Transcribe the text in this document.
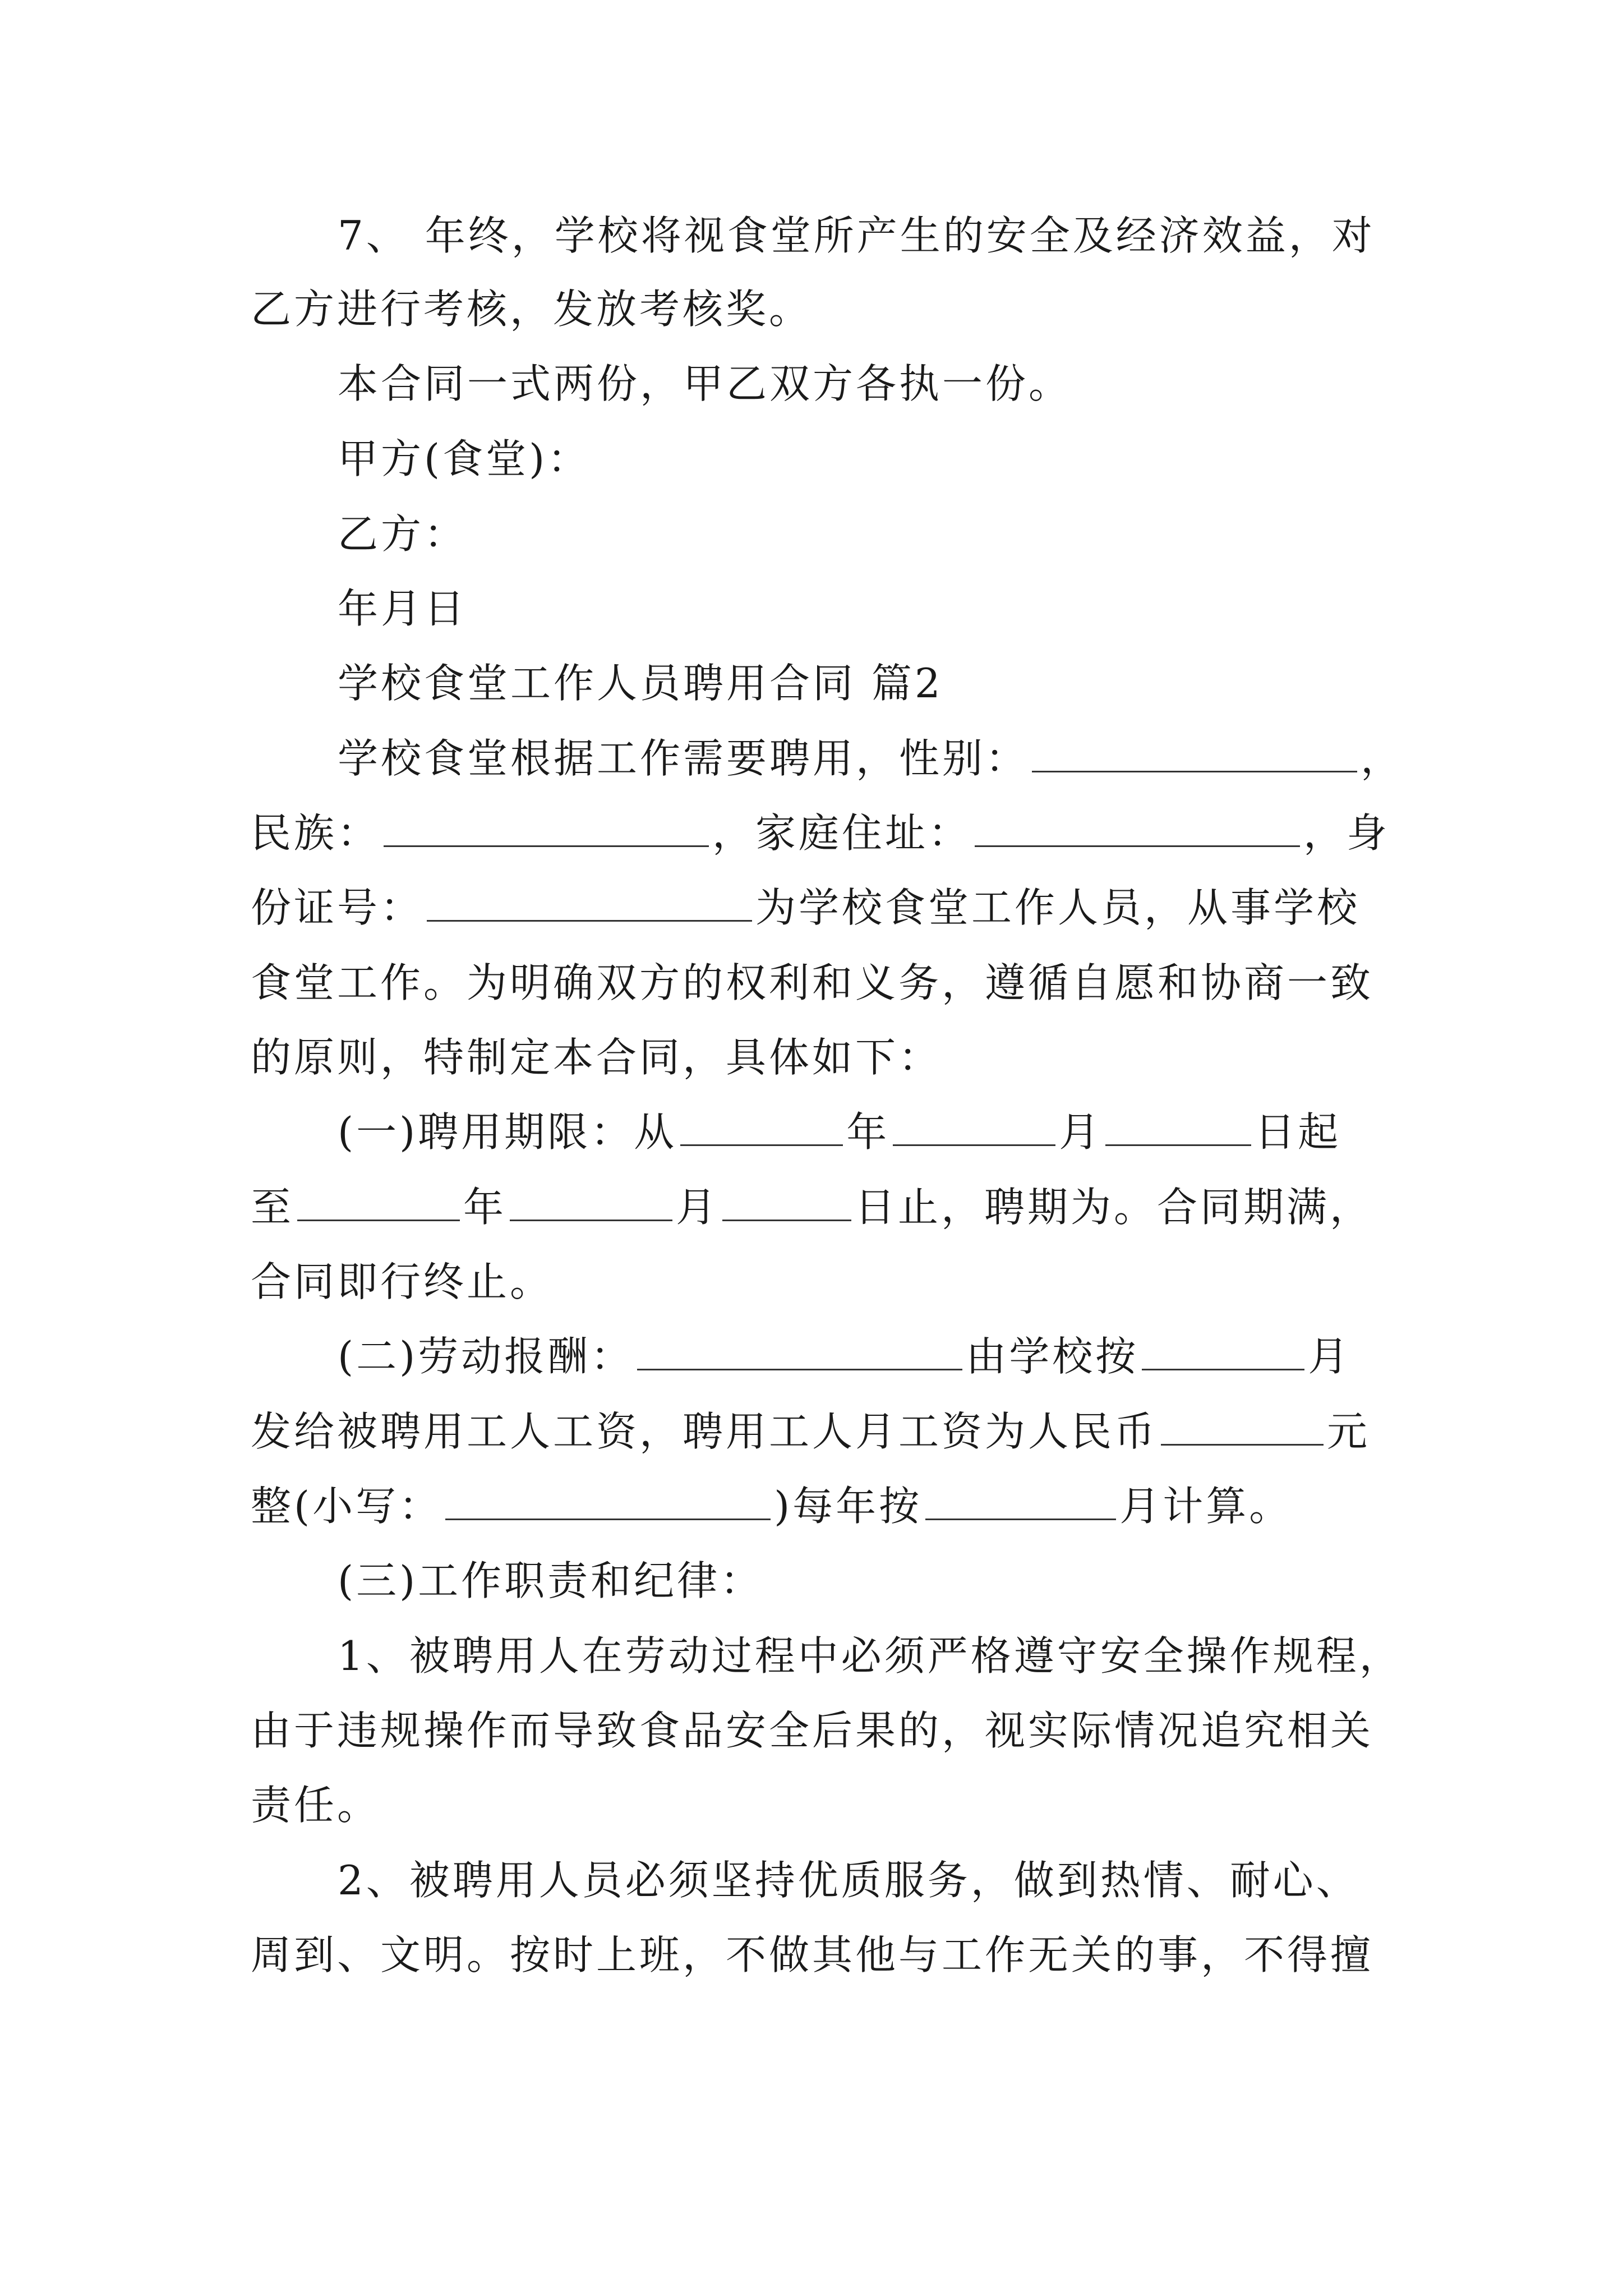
7、 年终，学校将视食堂所产生的安全及经济效益，对
乙方进行考核，发放考核奖。
本合同一式两份，甲乙双方各执一份。
甲方(食堂)：
乙方：
年月日
学校食堂工作人员聘用合同 篇2
学校食堂根据工作需要聘用，性别：	，
民族：	，家庭住址：	，身
份证号：	为学校食堂工作人员，从事学校
食堂工作。为明确双方的权利和义务，遵循自愿和协商一致
的原则，特制定本合同，具体如下：
(一)聘用期限：从	年	月	日起
至	年	月	日止，聘期为。合同期满，
合同即行终止。
(二)劳动报酬：	由学校按	月
发给被聘用工人工资，聘用工人月工资为人民币	元
整(小写：	)每年按	月计算。
(三)工作职责和纪律：
1、被聘用人在劳动过程中必须严格遵守安全操作规程，
由于违规操作而导致食品安全后果的，视实际情况追究相关
责任。
2、被聘用人员必须坚持优质服务，做到热情、耐心、
周到、文明。按时上班，不做其他与工作无关的事，不得擅
